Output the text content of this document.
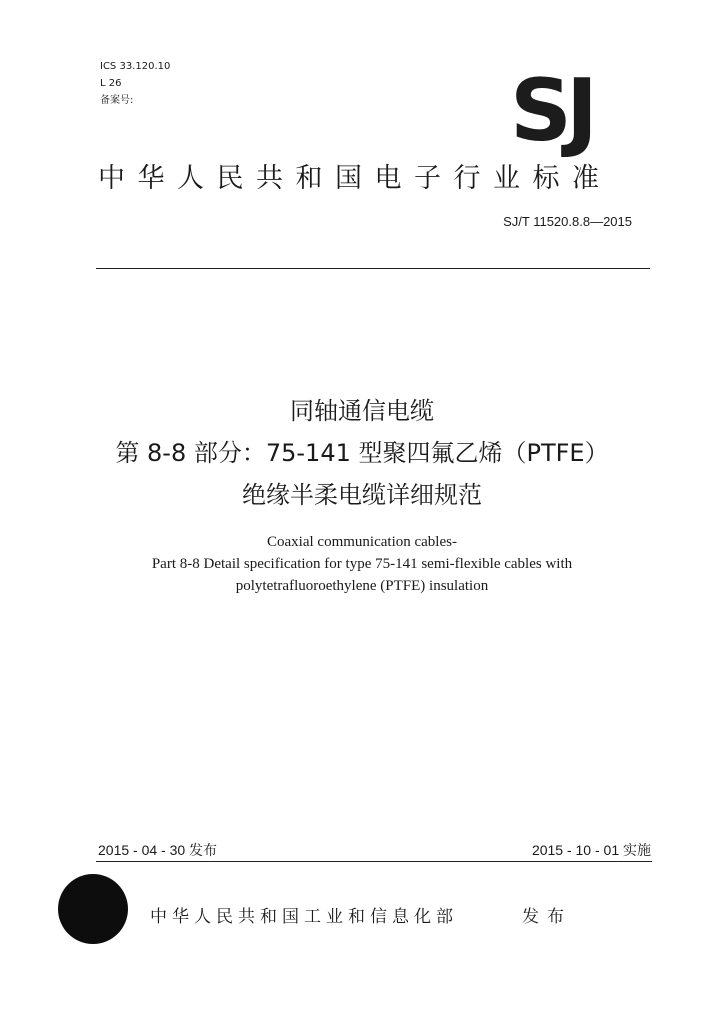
ICS 33.120.10
L 26
备案号:	SJ
中华人民共和国电子行业标准
SJ/T 11520.8.8—2015
同轴通信电缆
第 8-8 部分：75-141 型聚四氟乙烯（PTFE）
绝缘半柔电缆详细规范
Coaxial communication cables-
Part 8-8 Detail specification for type 75-141 semi-flexible cables with
polytetrafluoroethylene (PTFE) insulation
2015 - 04 - 30 发布	2015 - 10 - 01 实施
中华人民共和国工业和信息化部	发布
